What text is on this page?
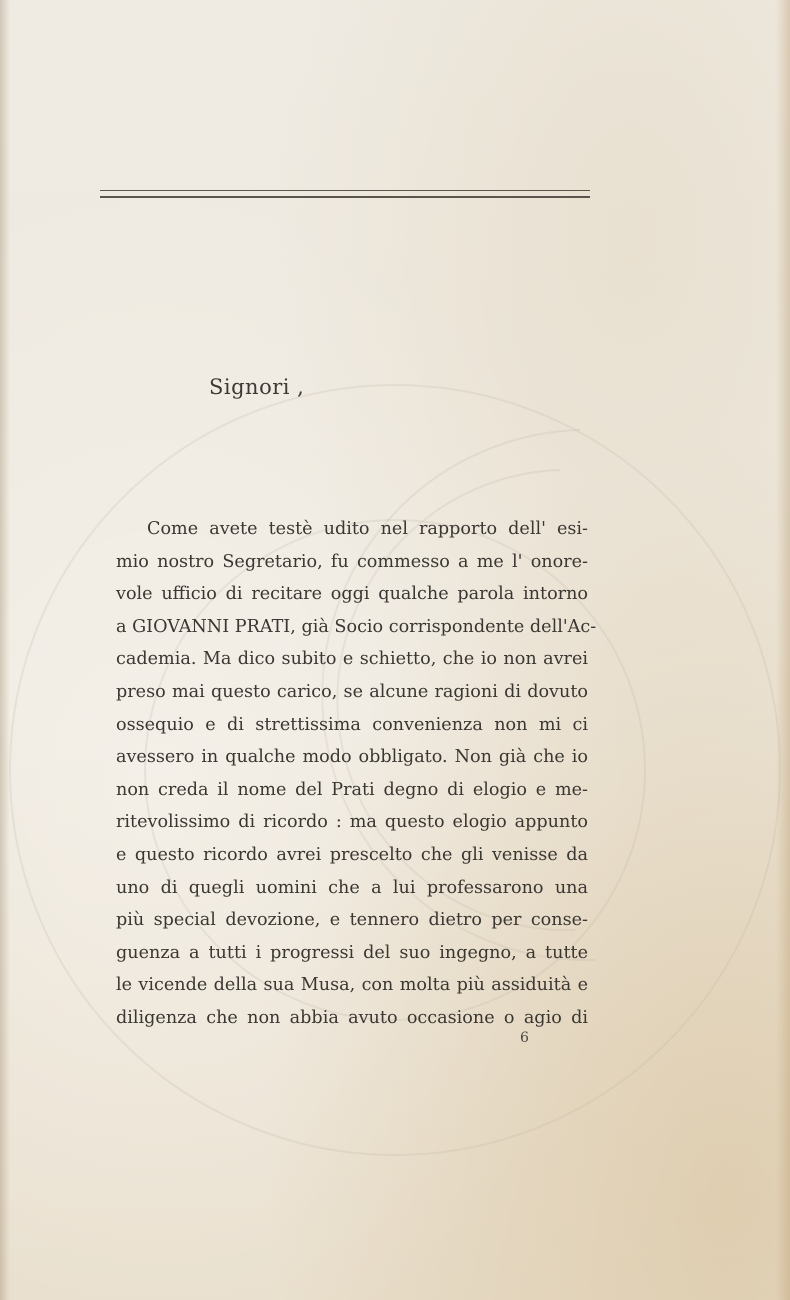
Signori ,
Come avete testè udito nel rapporto dell' esi-
mio nostro Segretario, fu commesso a me l' onore-
vole ufficio di recitare oggi qualche parola intorno
a GIOVANNI PRATI, già Socio corrispondente dell'Ac-
cademia. Ma dico subito e schietto, che io non avrei
preso mai questo carico, se alcune ragioni di dovuto
ossequio e di strettissima convenienza non mi ci
avessero in qualche modo obbligato. Non già che io
non creda il nome del Prati degno di elogio e me-
ritevolissimo di ricordo : ma questo elogio appunto
e questo ricordo avrei prescelto che gli venisse da
uno di quegli uomini che a lui professarono una
più special devozione, e tennero dietro per conse-
guenza a tutti i progressi del suo ingegno, a tutte
le vicende della sua Musa, con molta più assiduità e
diligenza che non abbia avuto occasione o agio di
6
